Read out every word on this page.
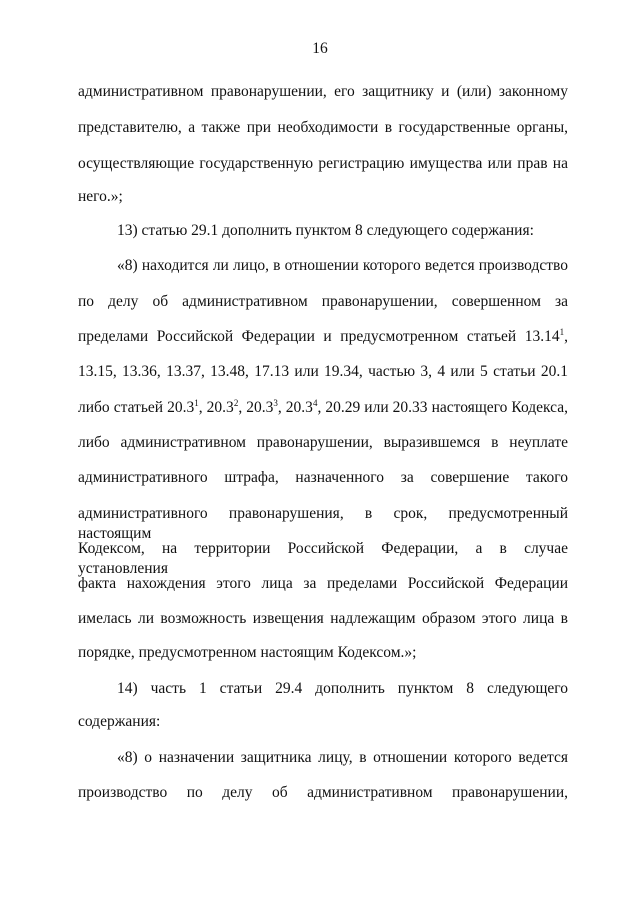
16
административном правонарушении, его защитнику и (или) законному
представителю, а также при необходимости в государственные органы,
осуществляющие государственную регистрацию имущества или прав на
него.»;
13) статью 29.1 дополнить пунктом 8 следующего содержания:
«8) находится ли лицо, в отношении которого ведется производство
по делу об административном правонарушении, совершенном за
пределами Российской Федерации и предусмотренном статьей 13.14$^1$,
13.15, 13.36, 13.37, 13.48, 17.13 или 19.34, частью 3, 4 или 5 статьи 20.1
либо статьей 20.3$^1$, 20.3$^2$, 20.3$^3$, 20.3$^4$, 20.29 или 20.33 настоящего Кодекса,
либо административном правонарушении, выразившемся в неуплате
административного штрафа, назначенного за совершение такого
административного правонарушения, в срок, предусмотренный настоящим
Кодексом, на территории Российской Федерации, а в случае установления
факта нахождения этого лица за пределами Российской Федерации
имелась ли возможность извещения надлежащим образом этого лица в
порядке, предусмотренном настоящим Кодексом.»;
14) часть 1 статьи 29.4 дополнить пунктом 8 следующего
содержания:
«8) о назначении защитника лицу, в отношении которого ведется
производство по делу об административном правонарушении,
